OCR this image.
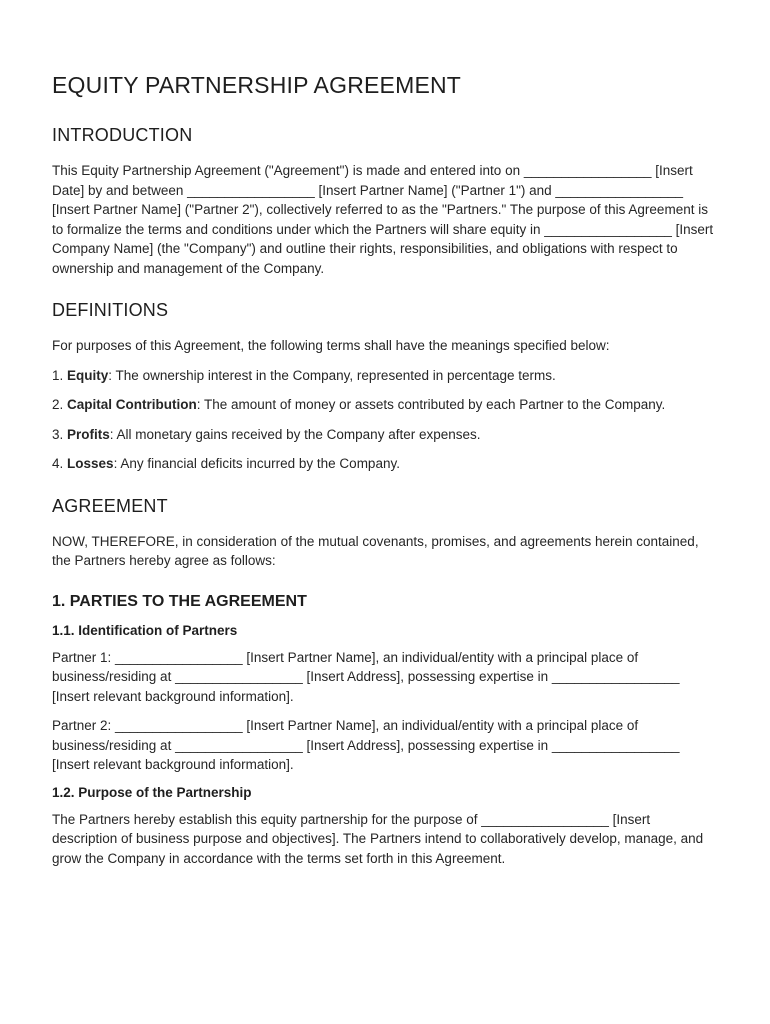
EQUITY PARTNERSHIP AGREEMENT
INTRODUCTION

This Equity Partnership Agreement ("Agreement") is made and entered into on _________________ [Insert Date] by and between _________________ [Insert Partner Name] ("Partner 1") and _________________ [Insert Partner Name] ("Partner 2"), collectively referred to as the "Partners." The purpose of this Agreement is to formalize the terms and conditions under which the Partners will share equity in _________________ [Insert Company Name] (the "Company") and outline their rights, responsibilities, and obligations with respect to ownership and management of the Company.

DEFINITIONS

For purposes of this Agreement, the following terms shall have the meanings specified below:

1. Equity: The ownership interest in the Company, represented in percentage terms.

2. Capital Contribution: The amount of money or assets contributed by each Partner to the Company.

3. Profits: All monetary gains received by the Company after expenses.

4. Losses: Any financial deficits incurred by the Company.

AGREEMENT

NOW, THEREFORE, in consideration of the mutual covenants, promises, and agreements herein contained, the Partners hereby agree as follows:

1. PARTIES TO THE AGREEMENT
1.1. Identification of Partners

Partner 1: _________________ [Insert Partner Name], an individual/entity with a principal place of business/residing at _________________ [Insert Address], possessing expertise in _________________ [Insert relevant background information].

Partner 2: _________________ [Insert Partner Name], an individual/entity with a principal place of business/residing at _________________ [Insert Address], possessing expertise in _________________ [Insert relevant background information].

1.2. Purpose of the Partnership

The Partners hereby establish this equity partnership for the purpose of _________________ [Insert description of business purpose and objectives]. The Partners intend to collaboratively develop, manage, and grow the Company in accordance with the terms set forth in this Agreement.
